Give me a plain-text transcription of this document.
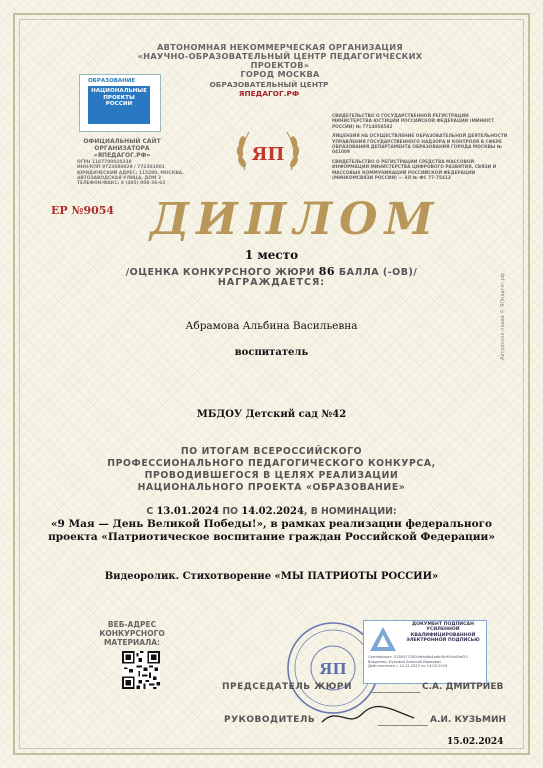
АВТОНОМНАЯ НЕКОММЕРЧЕСКАЯ ОРГАНИЗАЦИЯ
«НАУЧНО-ОБРАЗОВАТЕЛЬНЫЙ ЦЕНТР ПЕДАГОГИЧЕСКИХ ПРОЕКТОВ»
ГОРОД МОСКВА
ОБРАЗОВАНИЕ
НАЦИОНАЛЬНЫЕ
ПРОЕКТЫ
РОССИИ
ОБРАЗОВАТЕЛЬНЫЙ ЦЕНТР
ЯПЕДАГОГ.РФ
ОФИЦИАЛЬНЫЙ САЙТ
ОРГАНИЗАТОРА
«ЯПЕДАГОГ.РФ»
ОГРН 1187700020238
ИНН/КПП 9723080029 / 772301001
ЮРИДИЧЕСКИЙ АДРЕС: 115280, МОСКВА,
АВТОЗАВОДСКАЯ УЛИЦА, ДОМ 3
ТЕЛЕФОН/ФАКС: 8 (495) 008-36-63
ЯП

СВИДЕТЕЛЬСТВО О ГОСУДАРСТВЕННОЙ РЕГИСТРАЦИИ МИНИСТЕРСТВА ЮСТИЦИИ РОССИЙСКОЙ ФЕДЕРАЦИИ (МИНЮСТ РОССИИ) № 7714058582

ЛИЦЕНЗИЯ НА ОСУЩЕСТВЛЕНИЕ ОБРАЗОВАТЕЛЬНОЙ ДЕЯТЕЛЬНОСТИ УПРАВЛЕНИЯ ГОСУДАРСТВЕННОГО НАДЗОРА И КОНТРОЛЯ В СФЕРЕ ОБРАЗОВАНИЯ ДЕПАРТАМЕНТА ОБРАЗОВАНИЯ ГОРОДА МОСКВЫ № 041009

СВИДЕТЕЛЬСТВО О РЕГИСТРАЦИИ СРЕДСТВА МАССОВОЙ ИНФОРМАЦИИ МИНИСТЕРСТВА ЦИФРОВОГО РАЗВИТИЯ, СВЯЗИ И МАССОВЫХ КОММУНИКАЦИЙ РОССИЙСКОЙ ФЕДЕРАЦИИ (МИНКОМСВЯЗИ РОССИИ) — ЭЛ № ФС 77-75413

ЕР №9054 ДИПЛОМ
1 место
/ОЦЕНКА КОНКУРСНОГО ЖЮРИ 86 БАЛЛА (-ОВ)/
НАГРАЖДАЕТСЯ:
Абрамова Альбина Васильевна
воспитатель
МБДОУ Детский сад №42
ПО ИТОГАМ ВСЕРОССИЙСКОГО
ПРОФЕССИОНАЛЬНОГО ПЕДАГОГИЧЕСКОГО КОНКУРСА,
ПРОВОДИВШЕГОСЯ В ЦЕЛЯХ РЕАЛИЗАЦИИ
НАЦИОНАЛЬНОГО ПРОЕКТА «ОБРАЗОВАНИЕ»
С 13.01.2024 ПО 14.02.2024, В НОМИНАЦИИ:
«9 Мая — День Великой Победы!», в рамках реализации федерального
проекта «Патриотическое воспитание граждан Российской Федерации»
Видеоролик. Стихотворение «МЫ ПАТРИОТЫ РОССИИ»
ВЕБ-АДРЕС
КОНКУРСНОГО МАТЕРИАЛА:
ЯП
ДОКУМЕНТ ПОДПИСАН
УСИЛЕННОЙ КВАЛИФИЦИРОВАННОЙ
ЭЛЕКТРОННОЙ ПОДПИСЬЮ
Сертификат: 01363772000dfadbb4adb4fc904a06ef23
Владелец: Кузьмин Алексей Иванович
Действителен с 14.12.2022 по 14.03.2024
ПРЕДСЕДАТЕЛЬ ЖЮРИ	С.А. ДМИТРИЕВ
РУКОВОДИТЕЛЬ	А.И. КУЗЬМИН
15.02.2024
Авторские права © ЯПедагог.рф
